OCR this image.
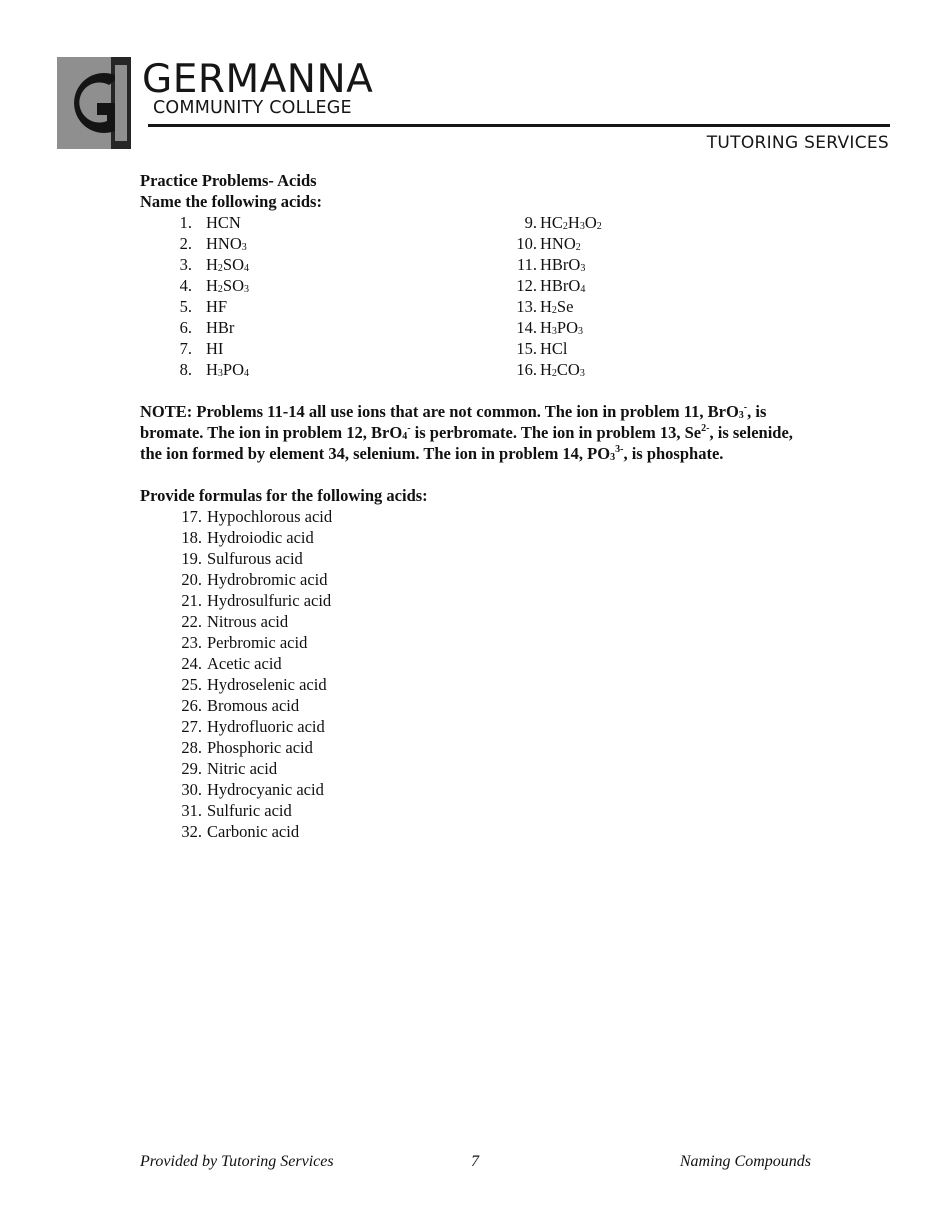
GERMANNA
COMMUNITY COLLEGE
TUTORING SERVICES
Practice Problems- Acids
Name the following acids:
1. HCN
2. $HNO_3$
3. $H_2SO_4$
4. $H_2SO_3$
5. HF
6. HBr
7. HI
8. $H_3PO_4$
9. $HC_2H_3O_2$
10. $HNO_2$
11. HBrO$_3$
12. HBrO$_4$
13. $H_2Se$
14. $H_3PO_3$
15. HCl
16. $H_2CO_3$
NOTE: Problems 11-14 all use ions that are not common. The ion in problem 11, BrO$_3$-, is bromate. The ion in problem 12, BrO$_4$- is perbromate. The ion in problem 13, $Se^{2-}$, is selenide, the ion formed by element 34, selenium. The ion in problem 14, $PO_3^{3-}$, is phosphate.
Provide formulas for the following acids:
17. Hypochlorous acid
18. Hydroiodic acid
19. Sulfurous acid
20. Hydrobromic acid
21. Hydrosulfuric acid
22. Nitrous acid
23. Perbromic acid
24. Acetic acid
25. Hydroselenic acid
26. Bromous acid
27. Hydrofluoric acid
28. Phosphoric acid
29. Nitric acid
30. Hydrocyanic acid
31. Sulfuric acid
32. Carbonic acid
Provided by Tutoring Services	7	Naming Compounds
